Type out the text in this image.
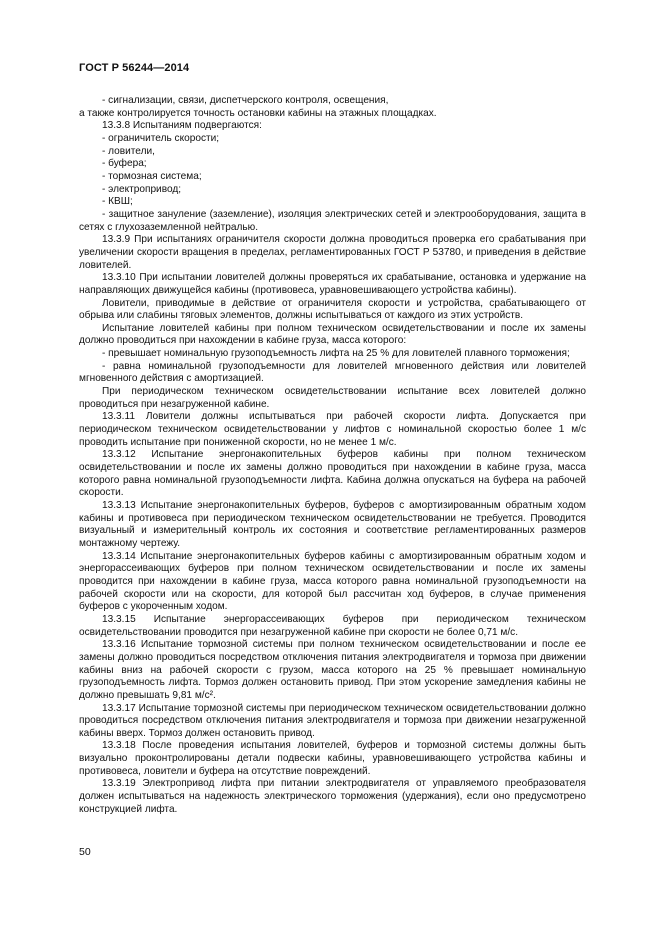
ГОСТ Р 56244—2014

- сигнализации, связи, диспетчерского контроля, освещения,

а также контролируется точность остановки кабины на этажных площадках.

13.3.8 Испытаниям подвергаются:

- ограничитель скорости;

- ловители,

- буфера;

- тормозная система;

- электропривод;

- КВШ;

- защитное зануление (заземление), изоляция электрических сетей и электрооборудования, защита в сетях с глухозаземленной нейтралью.

13.3.9 При испытаниях ограничителя скорости должна проводиться проверка его срабатывания при увеличении скорости вращения в пределах, регламентированных ГОСТ Р 53780, и приведения в действие ловителей.

13.3.10 При испытании ловителей должны проверяться их срабатывание, остановка и удержание на направляющих движущейся кабины (противовеса, уравновешивающего устройства кабины).

Ловители, приводимые в действие от ограничителя скорости и устройства, срабатывающего от обрыва или слабины тяговых элементов, должны испытываться от каждого из этих устройств.

Испытание ловителей кабины при полном техническом освидетельствовании и после их замены должно проводиться при нахождении в кабине груза, масса которого:

- превышает номинальную грузоподъемность лифта на 25 % для ловителей плавного торможения;

- равна номинальной грузоподъемности для ловителей мгновенного действия или ловителей мгновенного действия с амортизацией.

При периодическом техническом освидетельствовании испытание всех ловителей должно проводиться при незагруженной кабине.

13.3.11 Ловители должны испытываться при рабочей скорости лифта. Допускается при периодическом техническом освидетельствовании у лифтов с номинальной скоростью более 1 м/с проводить испытание при пониженной скорости, но не менее 1 м/с.

13.3.12 Испытание энергонакопительных буферов кабины при полном техническом освидетельствовании и после их замены должно проводиться при нахождении в кабине груза, масса которого равна номинальной грузоподъемности лифта. Кабина должна опускаться на буфера на рабочей скорости.

13.3.13 Испытание энергонакопительных буферов, буферов с амортизированным обратным ходом кабины и противовеса при периодическом техническом освидетельствовании не требуется. Проводится визуальный и измерительный контроль их состояния и соответствие регламентированных размеров монтажному чертежу.

13.3.14 Испытание энергонакопительных буферов кабины с амортизированным обратным ходом и энергорассеивающих буферов при полном техническом освидетельствовании и после их замены проводится при нахождении в кабине груза, масса которого равна номинальной грузоподъемности на рабочей скорости или на скорости, для которой был рассчитан ход буферов, в случае применения буферов с укороченным ходом.

13.3.15 Испытание энергорассеивающих буферов при периодическом техническом освидетельствовании проводится при незагруженной кабине при скорости не более 0,71 м/с.

13.3.16 Испытание тормозной системы при полном техническом освидетельствовании и после ее замены должно проводиться посредством отключения питания электродвигателя и тормоза при движении кабины вниз на рабочей скорости с грузом, масса которого на 25 % превышает номинальную грузоподъемность лифта. Тормоз должен остановить привод. При этом ускорение замедления кабины не должно превышать 9,81 м/с².

13.3.17 Испытание тормозной системы при периодическом техническом освидетельствовании должно проводиться посредством отключения питания электродвигателя и тормоза при движении незагруженной кабины вверх. Тормоз должен остановить привод.

13.3.18 После проведения испытания ловителей, буферов и тормозной системы должны быть визуально проконтролированы детали подвески кабины, уравновешивающего устройства кабины и противовеса, ловители и буфера на отсутствие повреждений.

13.3.19 Электропривод лифта при питании электродвигателя от управляемого преобразователя должен испытываться на надежность электрического торможения (удержания), если оно предусмотрено конструкцией лифта.

50
